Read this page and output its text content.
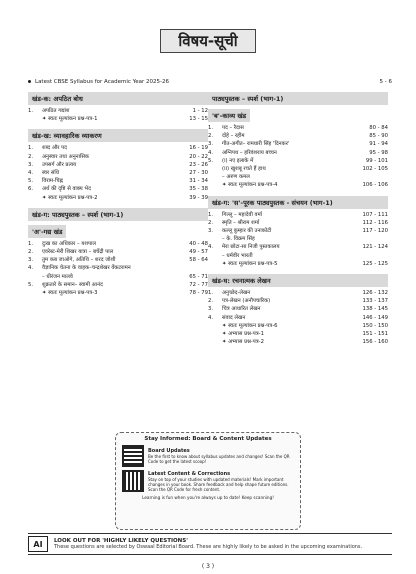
विषय-सूची
Latest CBSE Syllabus for Academic Year 2025-26	5 - 6
खंड-क: अपठित बोध
1.	अपठित गद्यांश	1 - 12
✦ स्वतः मूल्यांकन प्रश्न-पत्र-1	13 - 15
खंड-ख: व्यावहारिक व्याकरण
1.	शब्द और पद	16 - 19
2.	अनुस्वार तथा अनुनासिक	20 - 22
3.	उपसर्ग और प्रत्यय	23 - 26
4.	स्वर संधि	27 - 30
5.	विराम-चिह्न	31 - 34
6.	अर्थ की दृष्टि से वाक्य भेद	35 - 38
✦ स्वतः मूल्यांकन प्रश्न-पत्र-2	39 - 39
खंड-ग: पाठ्यपुस्तक – स्पर्श (भाग-1)
'अ'-गद्य खंड
1.	दुःख का अधिकार – यशपाल	40 - 48
2.	एवरेस्ट-मेरी शिखर यात्रा – बचेंद्री पाल	49 - 57
3.	तुम कब जाओगे, अतिथि – शरद जोशी	58 - 64
4.	वैज्ञानिक चेतना के वाहक–चन्द्रशेखर वेंकटरामन
– धीरंजन मालवे	65 - 71
5.	शुक्रतारे के समान– स्वामी आनंद	72 - 77
✦ स्वतः मूल्यांकन प्रश्न-पत्र-3	78 - 79
पाठ्यपुस्तक – स्पर्श (भाग-1)
'ब'-काव्य खंड
1.	पद – रैदास	80 - 84
2.	दोहे – रहीम	85 - 90
3.	गीत-अगीत– रामधारी सिंह 'दिनकर'	91 - 94
4.	अग्निपथ – हरिवंशराय बच्चन	95 - 98
5.	(i) नए इलाके में	99 - 101
(ii) खुशबू रचते हैं हाथ	102 - 105
– अरुण कमल
✦ स्वतः मूल्यांकन प्रश्न-पत्र-4	106 - 106
खंड-ग: 'स'-पूरक पाठ्यपुस्तक - संचयन (भाग-1)
1.	गिल्लू – महादेवी वर्मा	107 - 111
2.	स्मृति – श्रीराम शर्मा	112 - 116
3.	कल्लू कुम्हार की उनाकोटी	117 - 120
– के. विक्रम सिंह
4.	मेरा छोटा-सा निजी पुस्तकालय	121 - 124
– धर्मवीर भारती
✦ स्वतः मूल्यांकन प्रश्न-पत्र-5	125 - 125
खंड-घ: रचनात्मक लेखन
1.	अनुच्छेद-लेखन	126 - 132
2.	पत्र-लेखन (अनौपचारिक)	133 - 137
3.	चित्र आधारित लेखन	138 - 145
4.	संवाद लेखन	146 - 149
✦ स्वतः मूल्यांकन प्रश्न-पत्र-6	150 - 150
✦ अभ्यास प्रश्न-पत्र-1	151 - 151
✦ अभ्यास प्रश्न-पत्र-2	156 - 160
Stay Informed: Board & Content Updates
Board Updates
Be the first to know about syllabus updates and changes! Scan the QR Code to get the latest scoop!
Latest Content & Corrections
Stay on top of your studies with updated materials! Mark important changes in your book. Share feedback and help shape future editions. Scan the QR Code for fresh content.
Learning is fun when you're always up to date! Keep scanning!
AI	LOOK OUT FOR 'HIGHLY LIKELY QUESTIONS'
These questions are selected by Oswaal Editorial Board. These are highly likely to be asked in the upcoming examinations.
( 3 )
